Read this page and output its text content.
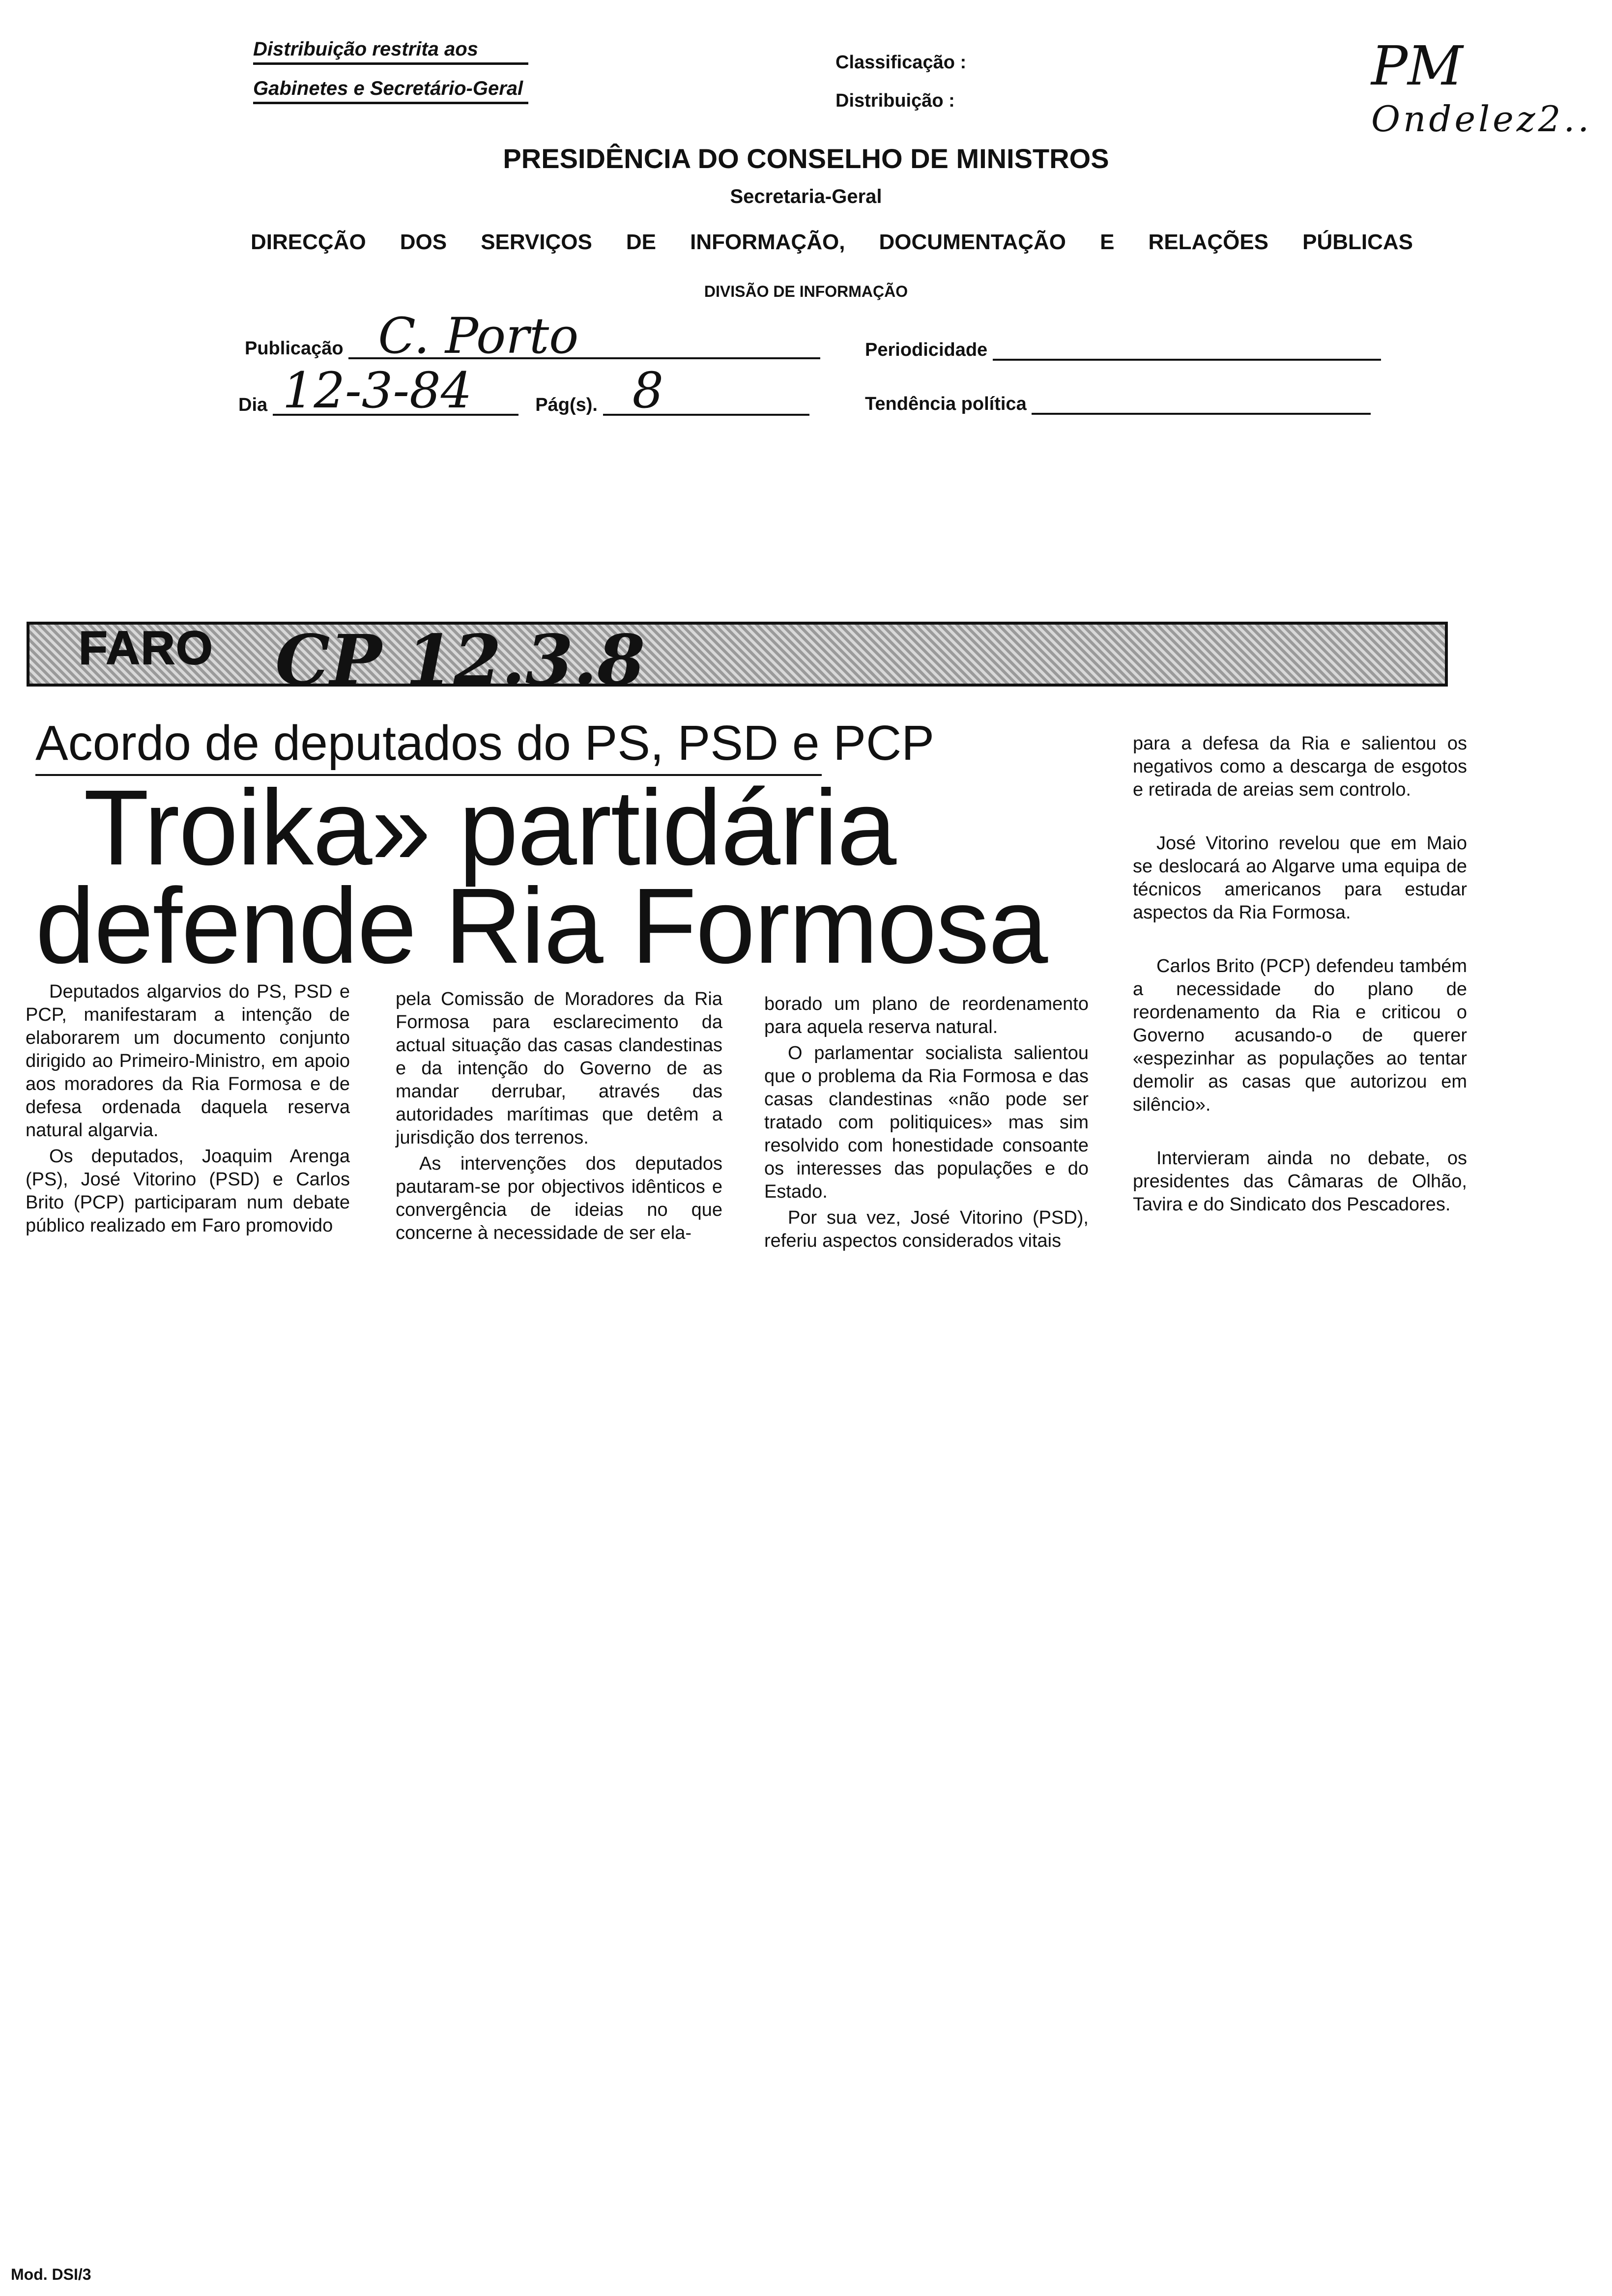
Distribuição restrita aos
Gabinetes e Secretário-Geral
Classificação :
Distribuição :
PM
Ondelez2..
PRESIDÊNCIA DO CONSELHO DE MINISTROS
Secretaria-Geral
DIRECÇÃO DOS SERVIÇOS DE INFORMAÇÃO, DOCUMENTAÇÃO E RELAÇÕES PÚBLICAS
DIVISÃO DE INFORMAÇÃO
Publicação C. Porto	Periodicidade
Dia 12-3-84	Pág(s). 8	Tendência política
FARO CP 12.3.8
Acordo de deputados do PS, PSD e PCP
Troika» partidária
defende Ria Formosa

Deputados algarvios do PS, PSD e PCP, manifestaram a intenção de elaborarem um documento conjunto dirigido ao Primeiro-Ministro, em apoio aos moradores da Ria Formosa e de defesa ordenada daquela reserva natural algarvia.

Os deputados, Joaquim Arenga (PS), José Vitorino (PSD) e Carlos Brito (PCP) participaram num debate público realizado em Faro promovido

pela Comissão de Moradores da Ria Formosa para esclarecimento da actual situação das casas clandestinas e da intenção do Governo de as mandar derrubar, através das autoridades marítimas que detêm a jurisdição dos terrenos.

As intervenções dos deputados pautaram-se por objectivos idênticos e convergência de ideias no que concerne à necessidade de ser ela-

borado um plano de reordenamento para aquela reserva natural.

O parlamentar socialista salientou que o problema da Ria Formosa e das casas clandestinas «não pode ser tratado com politiquices» mas sim resolvido com honestidade consoante os interesses das populações e do Estado.

Por sua vez, José Vitorino (PSD), referiu aspectos considerados vitais

para a defesa da Ria e salientou os negativos como a descarga de esgotos e retirada de areias sem controlo.

José Vitorino revelou que em Maio se deslocará ao Algarve uma equipa de técnicos americanos para estudar aspectos da Ria Formosa.

Carlos Brito (PCP) defendeu também a necessidade do plano de reordenamento da Ria e criticou o Governo acusando-o de querer «espezinhar as populações ao tentar demolir as casas que autorizou em silêncio».

Intervieram ainda no debate, os presidentes das Câmaras de Olhão, Tavira e do Sindicato dos Pescadores.

Mod. DSI/3
